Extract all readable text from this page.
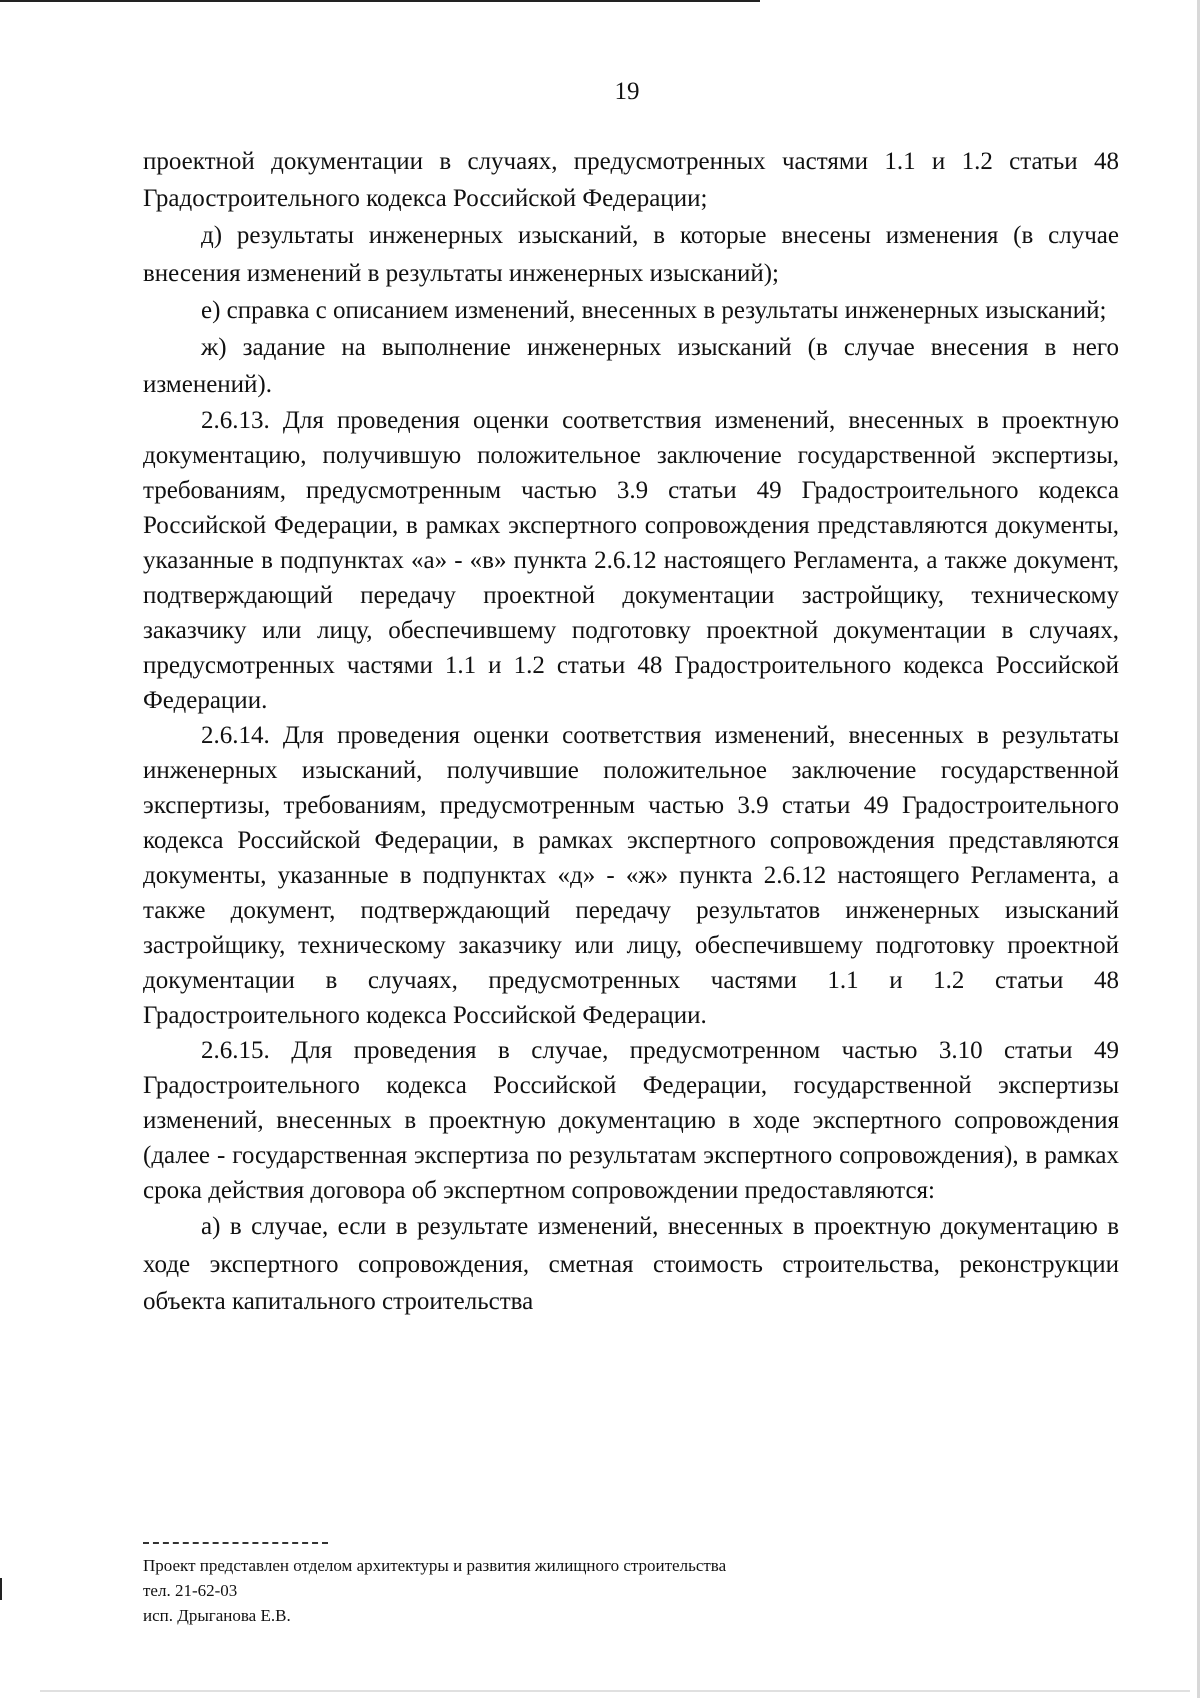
19

проектной документации в случаях, предусмотренных частями 1.1 и 1.2 статьи 48 Градостроительного кодекса Российской Федерации;

д) результаты инженерных изысканий, в которые внесены изменения (в случае внесения изменений в результаты инженерных изысканий);

е) справка с описанием изменений, внесенных в результаты инженерных изысканий;

ж) задание на выполнение инженерных изысканий (в случае внесения в него изменений).

2.6.13. Для проведения оценки соответствия изменений, внесенных в проектную документацию, получившую положительное заключение государственной экспертизы, требованиям, предусмотренным частью 3.9 статьи 49 Градостроительного кодекса Российской Федерации, в рамках экспертного сопровождения представляются документы, указанные в подпунктах «а» - «в» пункта 2.6.12 настоящего Регламента, а также документ, подтверждающий передачу проектной документации застройщику, техническому заказчику или лицу, обеспечившему подготовку проектной документации в случаях, предусмотренных частями 1.1 и 1.2 статьи 48 Градостроительного кодекса Российской Федерации.

2.6.14. Для проведения оценки соответствия изменений, внесенных в результаты инженерных изысканий, получившие положительное заключение государственной экспертизы, требованиям, предусмотренным частью 3.9 статьи 49 Градостроительного кодекса Российской Федерации, в рамках экспертного сопровождения представляются документы, указанные в подпунктах «д» - «ж» пункта 2.6.12 настоящего Регламента, а также документ, подтверждающий передачу результатов инженерных изысканий застройщику, техническому заказчику или лицу, обеспечившему подготовку проектной документации в случаях, предусмотренных частями 1.1 и 1.2 статьи 48 Градостроительного кодекса Российской Федерации.

2.6.15. Для проведения в случае, предусмотренном частью 3.10 статьи 49 Градостроительного кодекса Российской Федерации, государственной экспертизы изменений, внесенных в проектную документацию в ходе экспертного сопровождения (далее - государственная экспертиза по результатам экспертного сопровождения), в рамках срока действия договора об экспертном сопровождении предоставляются:

а) в случае, если в результате изменений, внесенных в проектную документацию в ходе экспертного сопровождения, сметная стоимость строительства, реконструкции объекта капитального строительства

Проект представлен отделом архитектуры и развития жилищного строительства
тел. 21-62-03
исп. Дрыганова Е.В.
